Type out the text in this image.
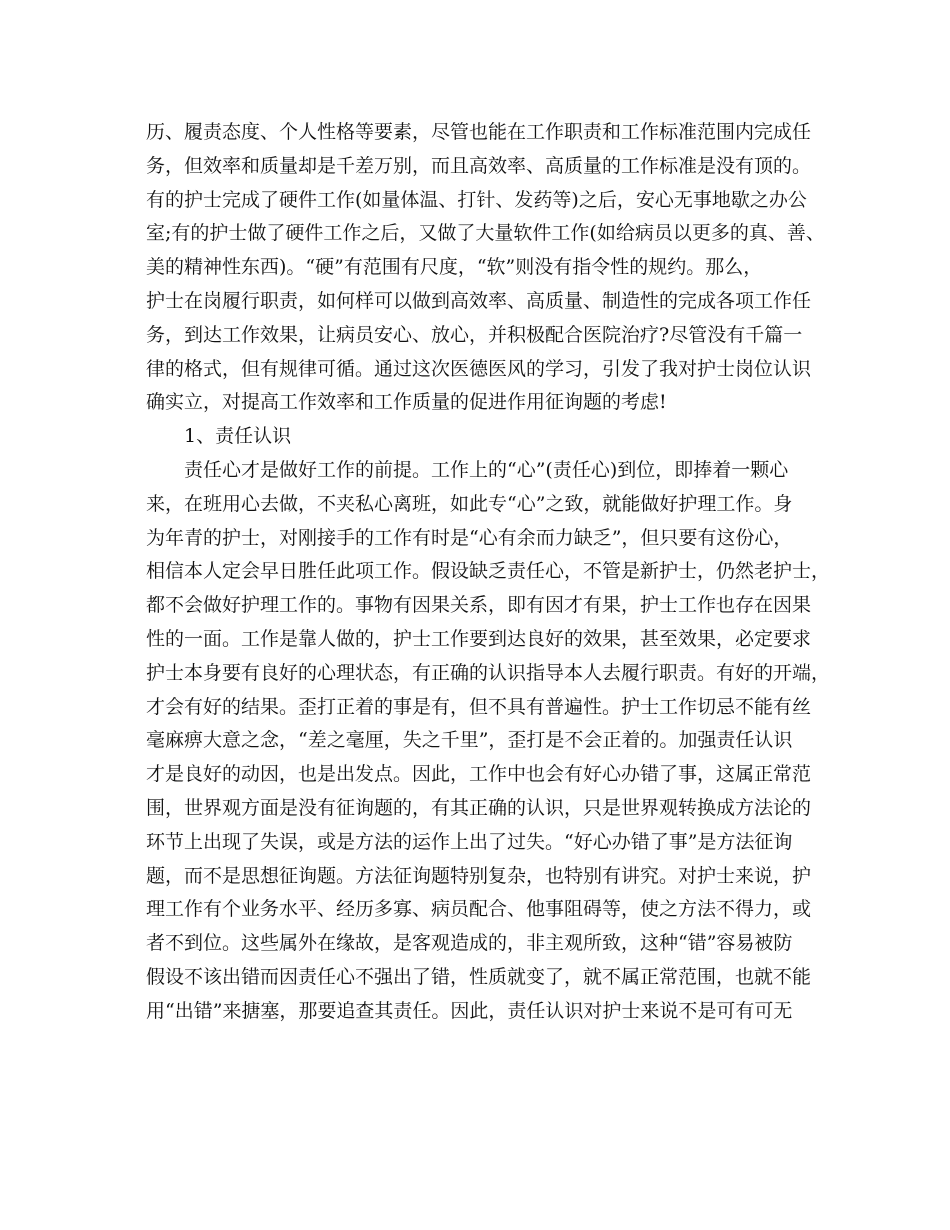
历、履责态度、个人性格等要素，尽管也能在工作职责和工作标准范围内完成任
务，但效率和质量却是千差万别，而且高效率、高质量的工作标准是没有顶的。
有的护士完成了硬件工作(如量体温、打针、发药等)之后，安心无事地歇之办公
室;有的护士做了硬件工作之后，又做了大量软件工作(如给病员以更多的真、善、
美的精神性东西)。“硬”有范围有尺度，“软”则没有指令性的规约。那么，
护士在岗履行职责，如何样可以做到高效率、高质量、制造性的完成各项工作任
务，到达工作效果，让病员安心、放心，并积极配合医院治疗?尽管没有千篇一
律的格式，但有规律可循。通过这次医德医风的学习，引发了我对护士岗位认识
确实立，对提高工作效率和工作质量的促进作用征询题的考虑!
1、责任认识
责任心才是做好工作的前提。工作上的“心”(责任心)到位，即捧着一颗心
来，在班用心去做，不夹私心离班，如此专“心”之致，就能做好护理工作。身
为年青的护士，对刚接手的工作有时是“心有余而力缺乏”，但只要有这份心，
相信本人定会早日胜任此项工作。假设缺乏责任心，不管是新护士，仍然老护士，
都不会做好护理工作的。事物有因果关系，即有因才有果，护士工作也存在因果
性的一面。工作是靠人做的，护士工作要到达良好的效果，甚至效果，必定要求
护士本身要有良好的心理状态，有正确的认识指导本人去履行职责。有好的开端，
才会有好的结果。歪打正着的事是有，但不具有普遍性。护士工作切忌不能有丝
毫麻痹大意之念，“差之毫厘，失之千里”，歪打是不会正着的。加强责任认识
才是良好的动因，也是出发点。因此，工作中也会有好心办错了事，这属正常范
围，世界观方面是没有征询题的，有其正确的认识，只是世界观转换成方法论的
环节上出现了失误，或是方法的运作上出了过失。“好心办错了事”是方法征询
题，而不是思想征询题。方法征询题特别复杂，也特别有讲究。对护士来说，护
理工作有个业务水平、经历多寡、病员配合、他事阻碍等，使之方法不得力，或
者不到位。这些属外在缘故，是客观造成的，非主观所致，这种“错”容易被防
假设不该出错而因责任心不强出了错，性质就变了，就不属正常范围，也就不能
用“出错”来搪塞，那要追查其责任。因此，责任认识对护士来说不是可有可无
